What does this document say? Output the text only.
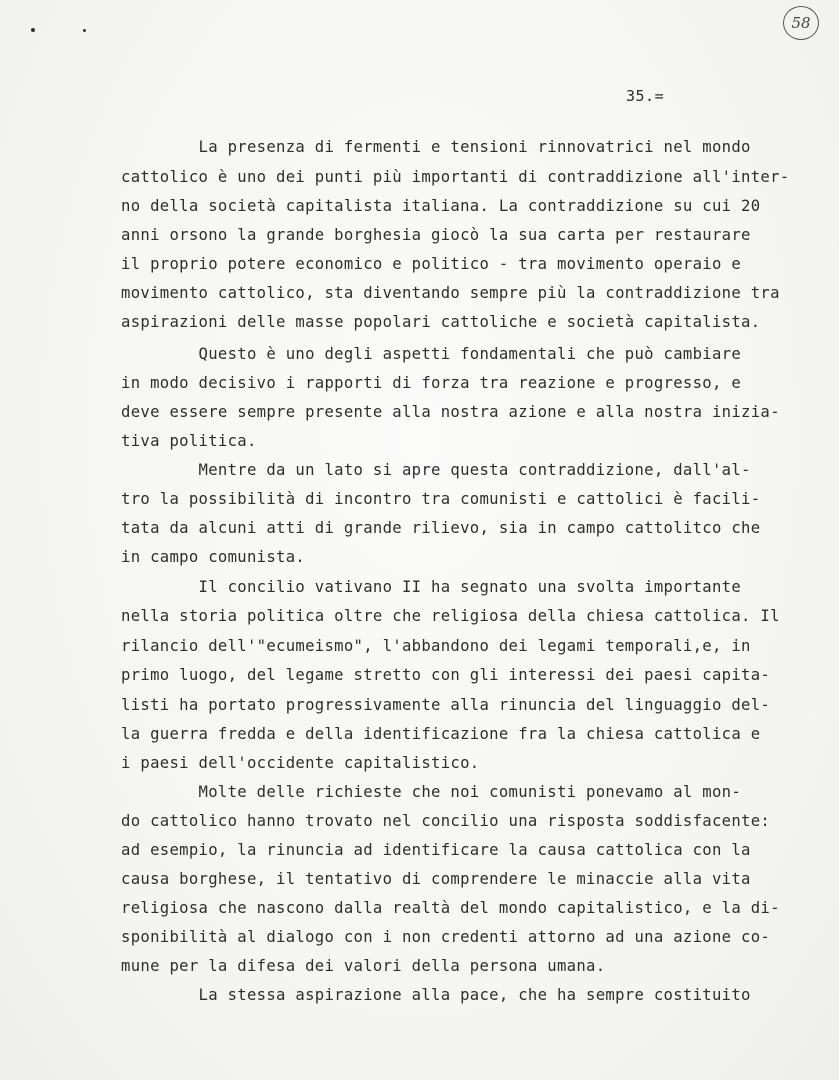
58
35.=
La presenza di fermenti e tensioni rinnovatrici nel mondo
cattolico è uno dei punti più importanti di contraddizione all'inter-
no della società capitalista italiana. La contraddizione su cui 20
anni orsono la grande borghesia giocò la sua carta per restaurare
il proprio potere economico e politico - tra movimento operaio e
movimento cattolico, sta diventando sempre più la contraddizione tra
aspirazioni delle masse popolari cattoliche e società capitalista.
Questo è uno degli aspetti fondamentali che può cambiare
in modo decisivo i rapporti di forza tra reazione e progresso, e
deve essere sempre presente alla nostra azione e alla nostra inizia-
tiva politica.
Mentre da un lato si apre questa contraddizione, dall'al-
tro la possibilità di incontro tra comunisti e cattolici è facili-
tata da alcuni atti di grande rilievo, sia in campo cattolitco che
in campo comunista.
Il concilio vativano II ha segnato una svolta importante
nella storia politica oltre che religiosa della chiesa cattolica. Il
rilancio dell'"ecumeismo", l'abbandono dei legami temporali,e, in
primo luogo, del legame stretto con gli interessi dei paesi capita-
listi ha portato progressivamente alla rinuncia del linguaggio del-
la guerra fredda e della identificazione fra la chiesa cattolica e
i paesi dell'occidente capitalistico.
Molte delle richieste che noi comunisti ponevamo al mon-
do cattolico hanno trovato nel concilio una risposta soddisfacente:
ad esempio, la rinuncia ad identificare la causa cattolica con la
causa borghese, il tentativo di comprendere le minaccie alla vita
religiosa che nascono dalla realtà del mondo capitalistico, e la di-
sponibilità al dialogo con i non credenti attorno ad una azione co-
mune per la difesa dei valori della persona umana.
La stessa aspirazione alla pace, che ha sempre costituito
